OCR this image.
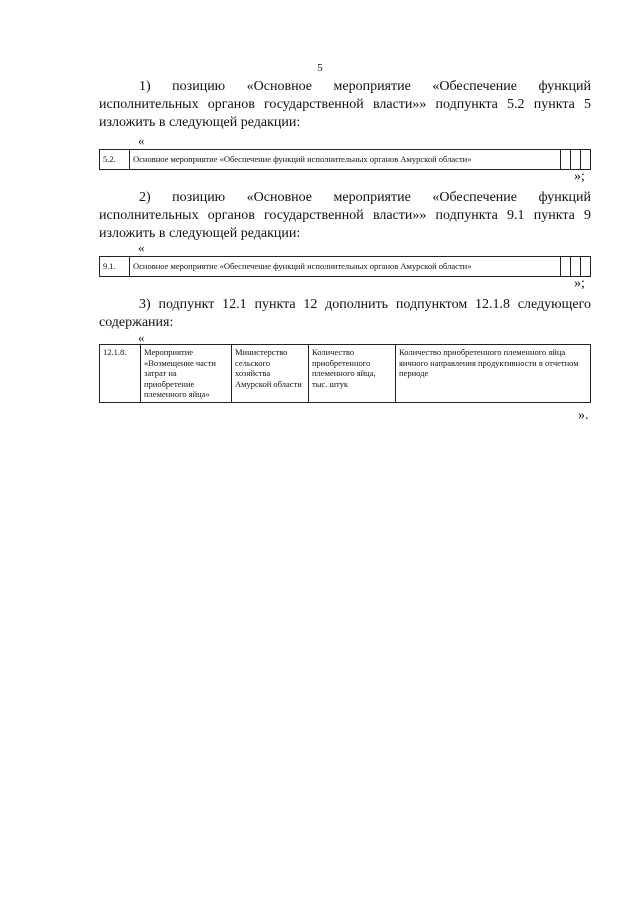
5
1) позицию «Основное мероприятие «Обеспечение функций
исполнительных органов государственной власти»» подпункта 5.2 пункта 5
изложить в следующей редакции:
«
5.2.	Основное мероприятие «Обеспечение функций исполнительных органов Амурской области»			
»;
2) позицию «Основное мероприятие «Обеспечение функций
исполнительных органов государственной власти»» подпункта 9.1 пункта 9
изложить в следующей редакции:
«
9.1.	Основное мероприятие «Обеспечение функций исполнительных органов Амурской области»			
»;
3) подпункт 12.1 пункта 12 дополнить подпунктом 12.1.8 следующего
содержания:
«
12.1.8.	Мероприятие «Возмещение части затрат на приобретение племенного яйца»	Министерство сельского хозяйства Амурской области	Количество приобретенного племенного яйца, тыс. штук	Количество приобретенного племенного яйца яичного направления продуктивности в отчетном периоде
».
